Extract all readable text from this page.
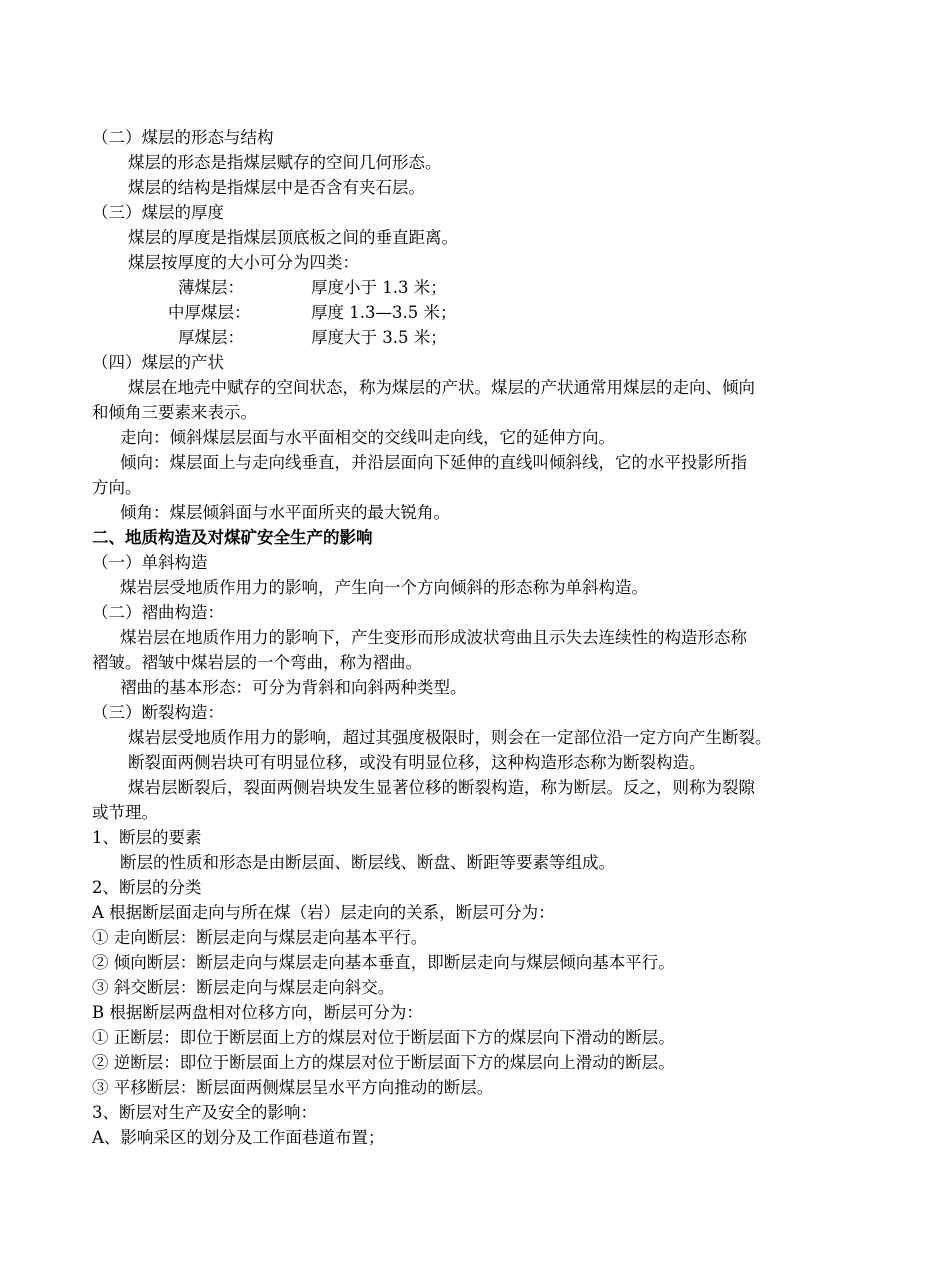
（二）煤层的形态与结构
煤层的形态是指煤层赋存的空间几何形态。
煤层的结构是指煤层中是否含有夹石层。
（三）煤层的厚度
煤层的厚度是指煤层顶底板之间的垂直距离。
煤层按厚度的大小可分为四类：
薄煤层：	厚度小于 1.3 米；
中厚煤层：	厚度 1.3—3.5 米；
厚煤层：	厚度大于 3.5 米；
（四）煤层的产状
煤层在地壳中赋存的空间状态，称为煤层的产状。煤层的产状通常用煤层的走向、倾向
和倾角三要素来表示。
走向：倾斜煤层层面与水平面相交的交线叫走向线，它的延伸方向。
倾向：煤层面上与走向线垂直，并沿层面向下延伸的直线叫倾斜线，它的水平投影所指
方向。
倾角：煤层倾斜面与水平面所夹的最大锐角。
二、地质构造及对煤矿安全生产的影响
（一）单斜构造
煤岩层受地质作用力的影响，产生向一个方向倾斜的形态称为单斜构造。
（二）褶曲构造：
煤岩层在地质作用力的影响下，产生变形而形成波状弯曲且示失去连续性的构造形态称
褶皱。褶皱中煤岩层的一个弯曲，称为褶曲。
褶曲的基本形态：可分为背斜和向斜两种类型。
（三）断裂构造：
煤岩层受地质作用力的影响，超过其强度极限时，则会在一定部位沿一定方向产生断裂。
断裂面两侧岩块可有明显位移，或没有明显位移，这种构造形态称为断裂构造。
煤岩层断裂后，裂面两侧岩块发生显著位移的断裂构造，称为断层。反之，则称为裂隙
或节理。
1、断层的要素
断层的性质和形态是由断层面、断层线、断盘、断距等要素等组成。
2、断层的分类
A 根据断层面走向与所在煤（岩）层走向的关系，断层可分为：
① 走向断层：断层走向与煤层走向基本平行。
② 倾向断层：断层走向与煤层走向基本垂直，即断层走向与煤层倾向基本平行。
③ 斜交断层：断层走向与煤层走向斜交。
B 根据断层两盘相对位移方向，断层可分为：
① 正断层：即位于断层面上方的煤层对位于断层面下方的煤层向下滑动的断层。
② 逆断层：即位于断层面上方的煤层对位于断层面下方的煤层向上滑动的断层。
③ 平移断层：断层面两侧煤层呈水平方向推动的断层。
3、断层对生产及安全的影响：
A、影响采区的划分及工作面巷道布置；
